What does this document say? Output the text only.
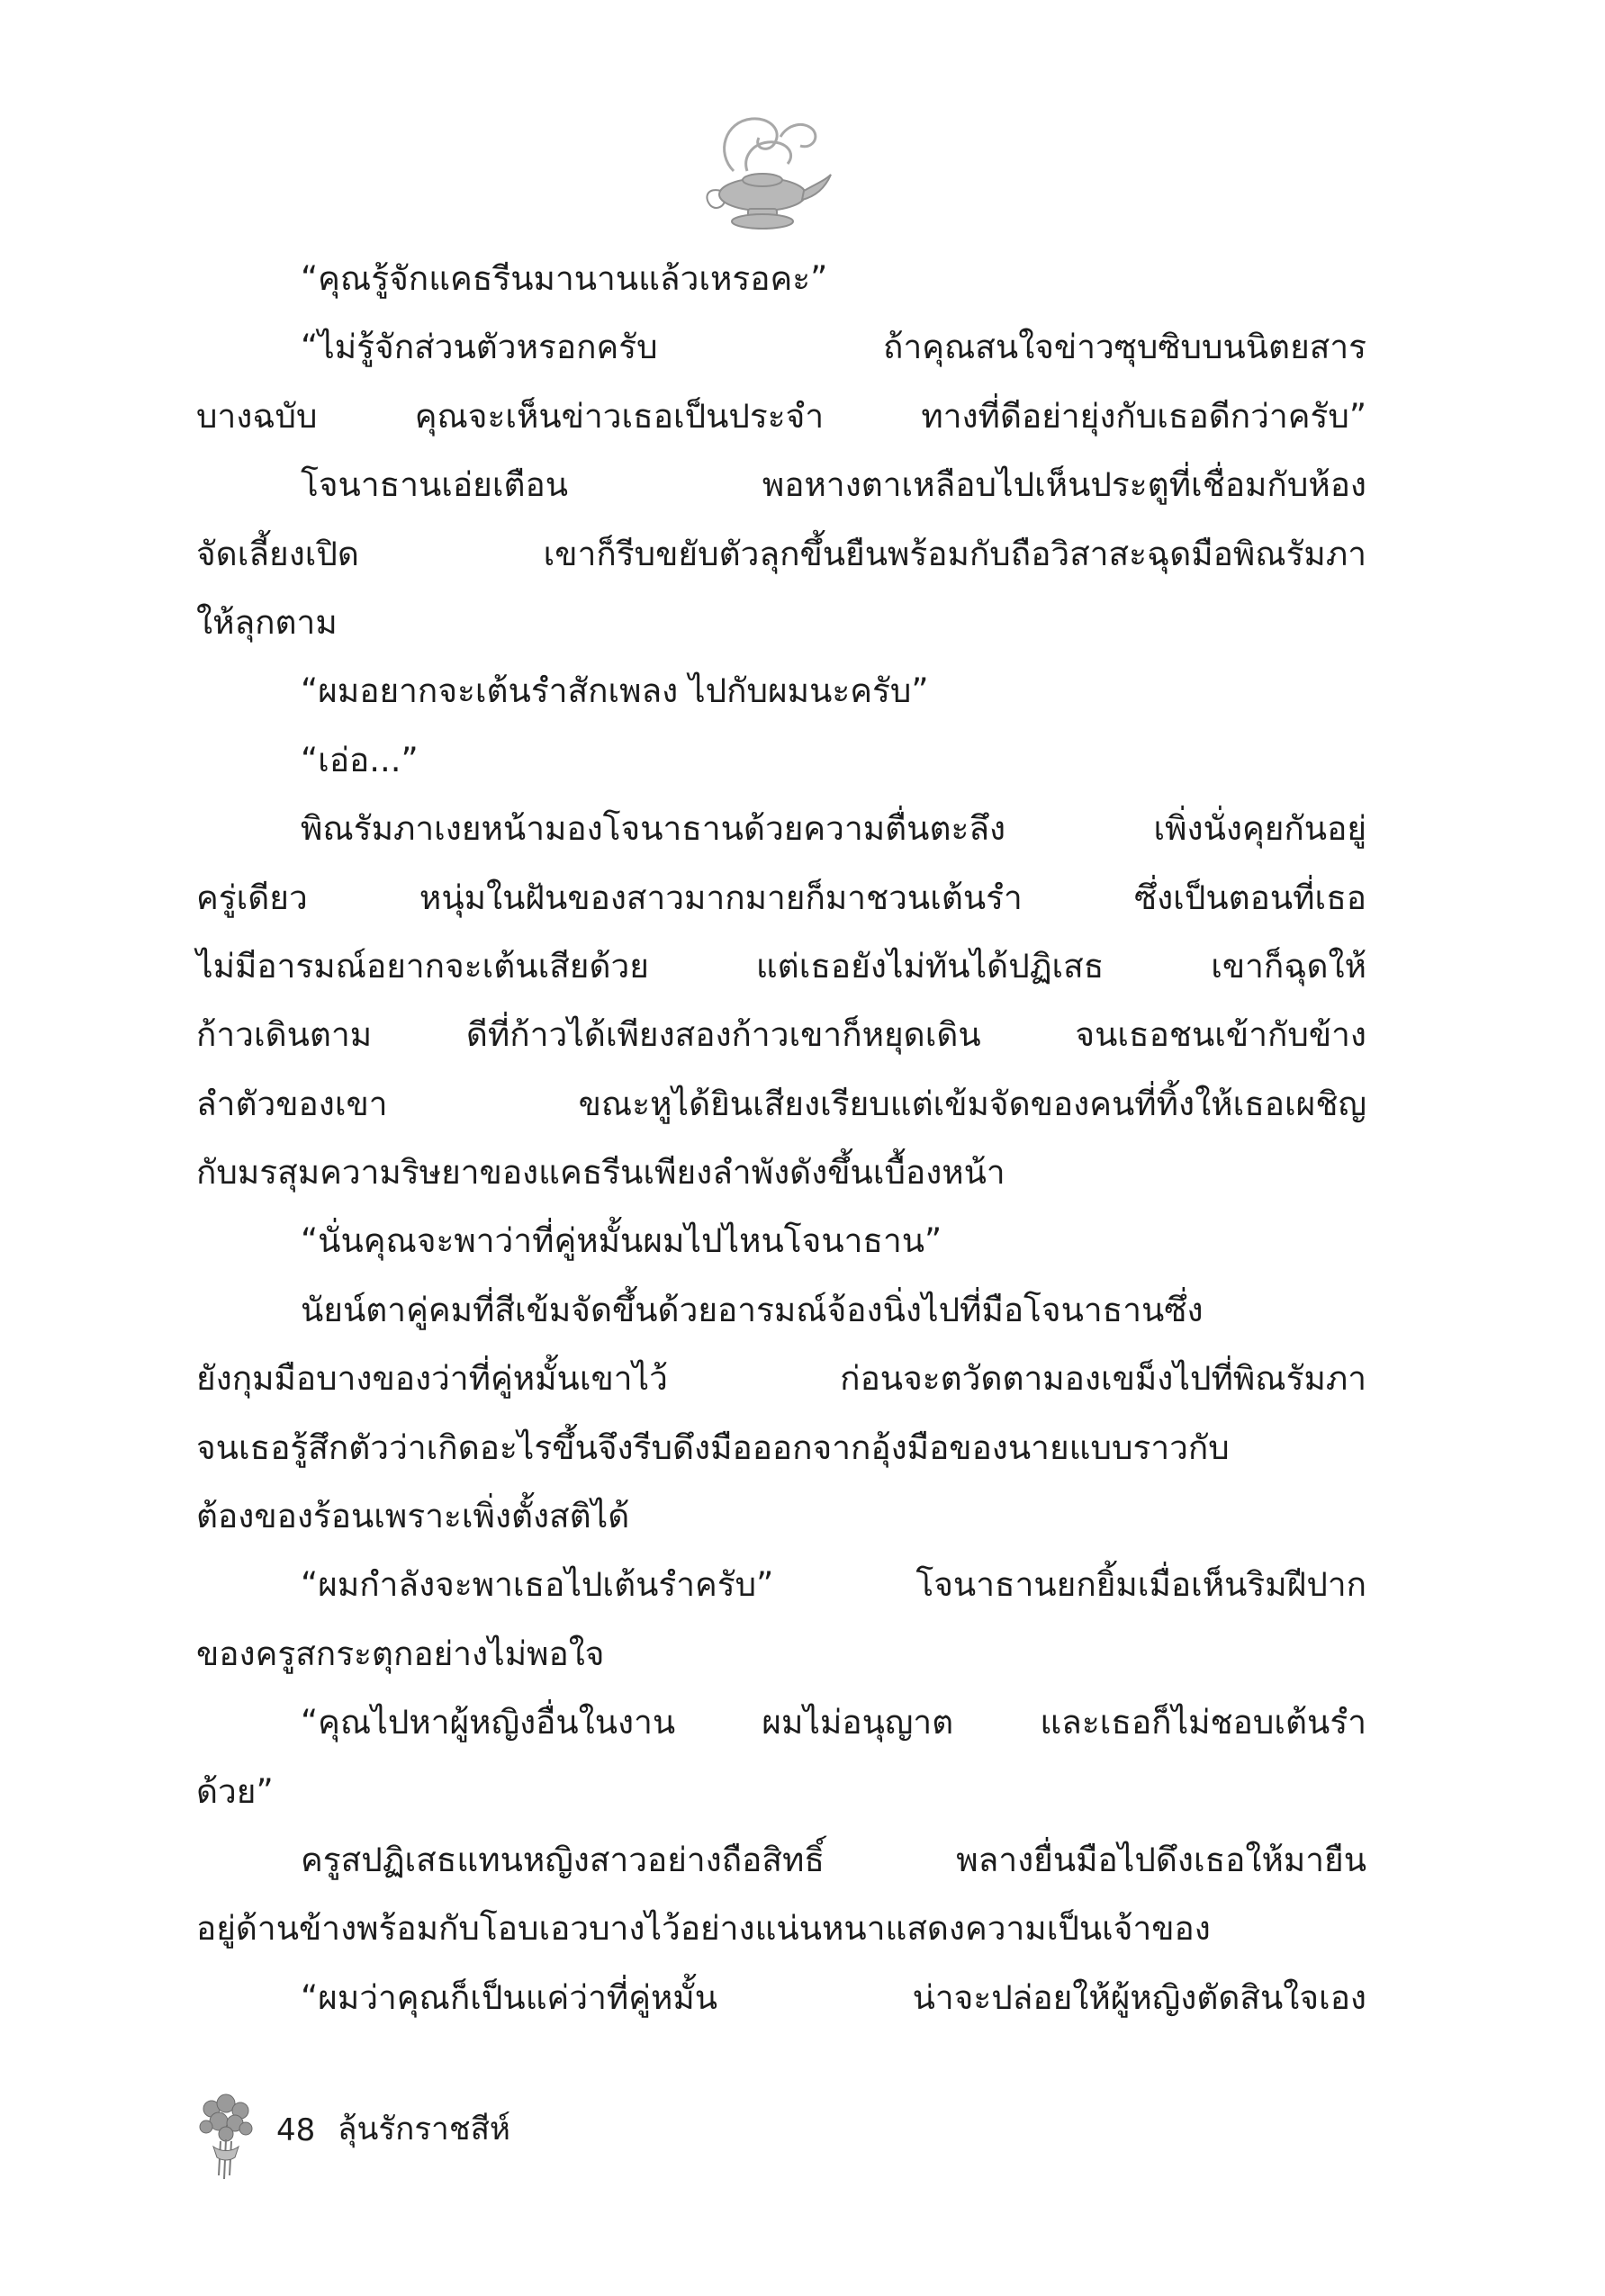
“คุณรู้จักแคธรีนมานานแล้วเหรอคะ”
“ไม่รู้จักส่วนตัวหรอกครับ ถ้าคุณสนใจข่าวซุบซิบบนนิตยสาร
บางฉบับ คุณจะเห็นข่าวเธอเป็นประจำ ทางที่ดีอย่ายุ่งกับเธอดีกว่าครับ”
โจนาธานเอ่ยเตือน พอหางตาเหลือบไปเห็นประตูที่เชื่อมกับห้อง
จัดเลี้ยงเปิด เขาก็รีบขยับตัวลุกขึ้นยืนพร้อมกับถือวิสาสะฉุดมือพิณรัมภา
ให้ลุกตาม
“ผมอยากจะเต้นรำสักเพลง ไปกับผมนะครับ”
“เอ่อ...”
พิณรัมภาเงยหน้ามองโจนาธานด้วยความตื่นตะลึง เพิ่งนั่งคุยกันอยู่
ครู่เดียว หนุ่มในฝันของสาวมากมายก็มาชวนเต้นรำ ซึ่งเป็นตอนที่เธอ
ไม่มีอารมณ์อยากจะเต้นเสียด้วย แต่เธอยังไม่ทันได้ปฏิเสธ เขาก็ฉุดให้
ก้าวเดินตาม ดีที่ก้าวได้เพียงสองก้าวเขาก็หยุดเดิน จนเธอชนเข้ากับข้าง
ลำตัวของเขา ขณะหูได้ยินเสียงเรียบแต่เข้มจัดของคนที่ทิ้งให้เธอเผชิญ
กับมรสุมความริษยาของแคธรีนเพียงลำพังดังขึ้นเบื้องหน้า
“นั่นคุณจะพาว่าที่คู่หมั้นผมไปไหนโจนาธาน”
นัยน์ตาคู่คมที่สีเข้มจัดขึ้นด้วยอารมณ์จ้องนิ่งไปที่มือโจนาธานซึ่ง
ยังกุมมือบางของว่าที่คู่หมั้นเขาไว้ ก่อนจะตวัดตามองเขม็งไปที่พิณรัมภา
จนเธอรู้สึกตัวว่าเกิดอะไรขึ้นจึงรีบดึงมือออกจากอุ้งมือของนายแบบราวกับ
ต้องของร้อนเพราะเพิ่งตั้งสติได้
“ผมกำลังจะพาเธอไปเต้นรำครับ” โจนาธานยกยิ้มเมื่อเห็นริมฝีปาก
ของครูสกระตุกอย่างไม่พอใจ
“คุณไปหาผู้หญิงอื่นในงาน ผมไม่อนุญาต และเธอก็ไม่ชอบเต้นรำ
ด้วย”
ครูสปฏิเสธแทนหญิงสาวอย่างถือสิทธิ์ พลางยื่นมือไปดึงเธอให้มายืน
อยู่ด้านข้างพร้อมกับโอบเอวบางไว้อย่างแน่นหนาแสดงความเป็นเจ้าของ
“ผมว่าคุณก็เป็นแค่ว่าที่คู่หมั้น น่าจะปล่อยให้ผู้หญิงตัดสินใจเอง
48 ลุ้นรักราชสีห์
